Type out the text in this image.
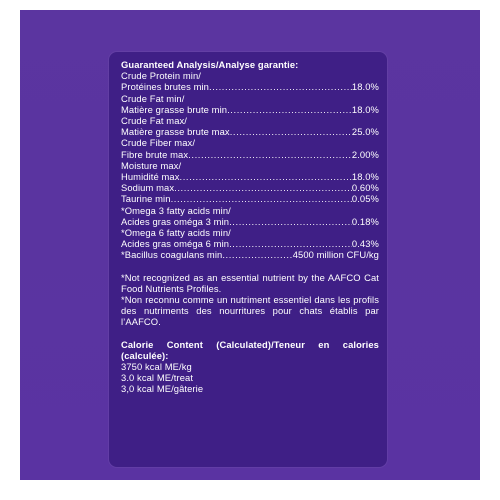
Guaranteed Analysis/Analyse garantie:
Crude Protein min/
Protéines brutes min .....	18.0%
Crude Fat min/
Matière grasse brute min .....	18.0%
Crude Fat max/
Matière grasse brute max .....	25.0%
Crude Fiber max/
Fibre brute max .....	2.00%
Moisture max/
Humidité max .....	18.0%
Sodium max .....	0.60%
Taurine min .....	0.05%
*Omega 3 fatty acids min/
Acides gras oméga 3 min .....	0.18%
*Omega 6 fatty acids min/
Acides gras oméga 6 min .....	0.43%
*Bacillus coagulans min .....	4500 million CFU/kg
*Not recognized as an essential nutrient by the AAFCO Cat Food Nutrients Profiles.
*Non reconnu comme un nutriment essentiel dans les profils des nutriments des nourritures pour chats établis par l’AAFCO.
Calorie Content (Calculated)/Teneur en calories (calculée):
3750 kcal ME/kg
3.0 kcal ME/treat
3,0 kcal ME/gâterie
